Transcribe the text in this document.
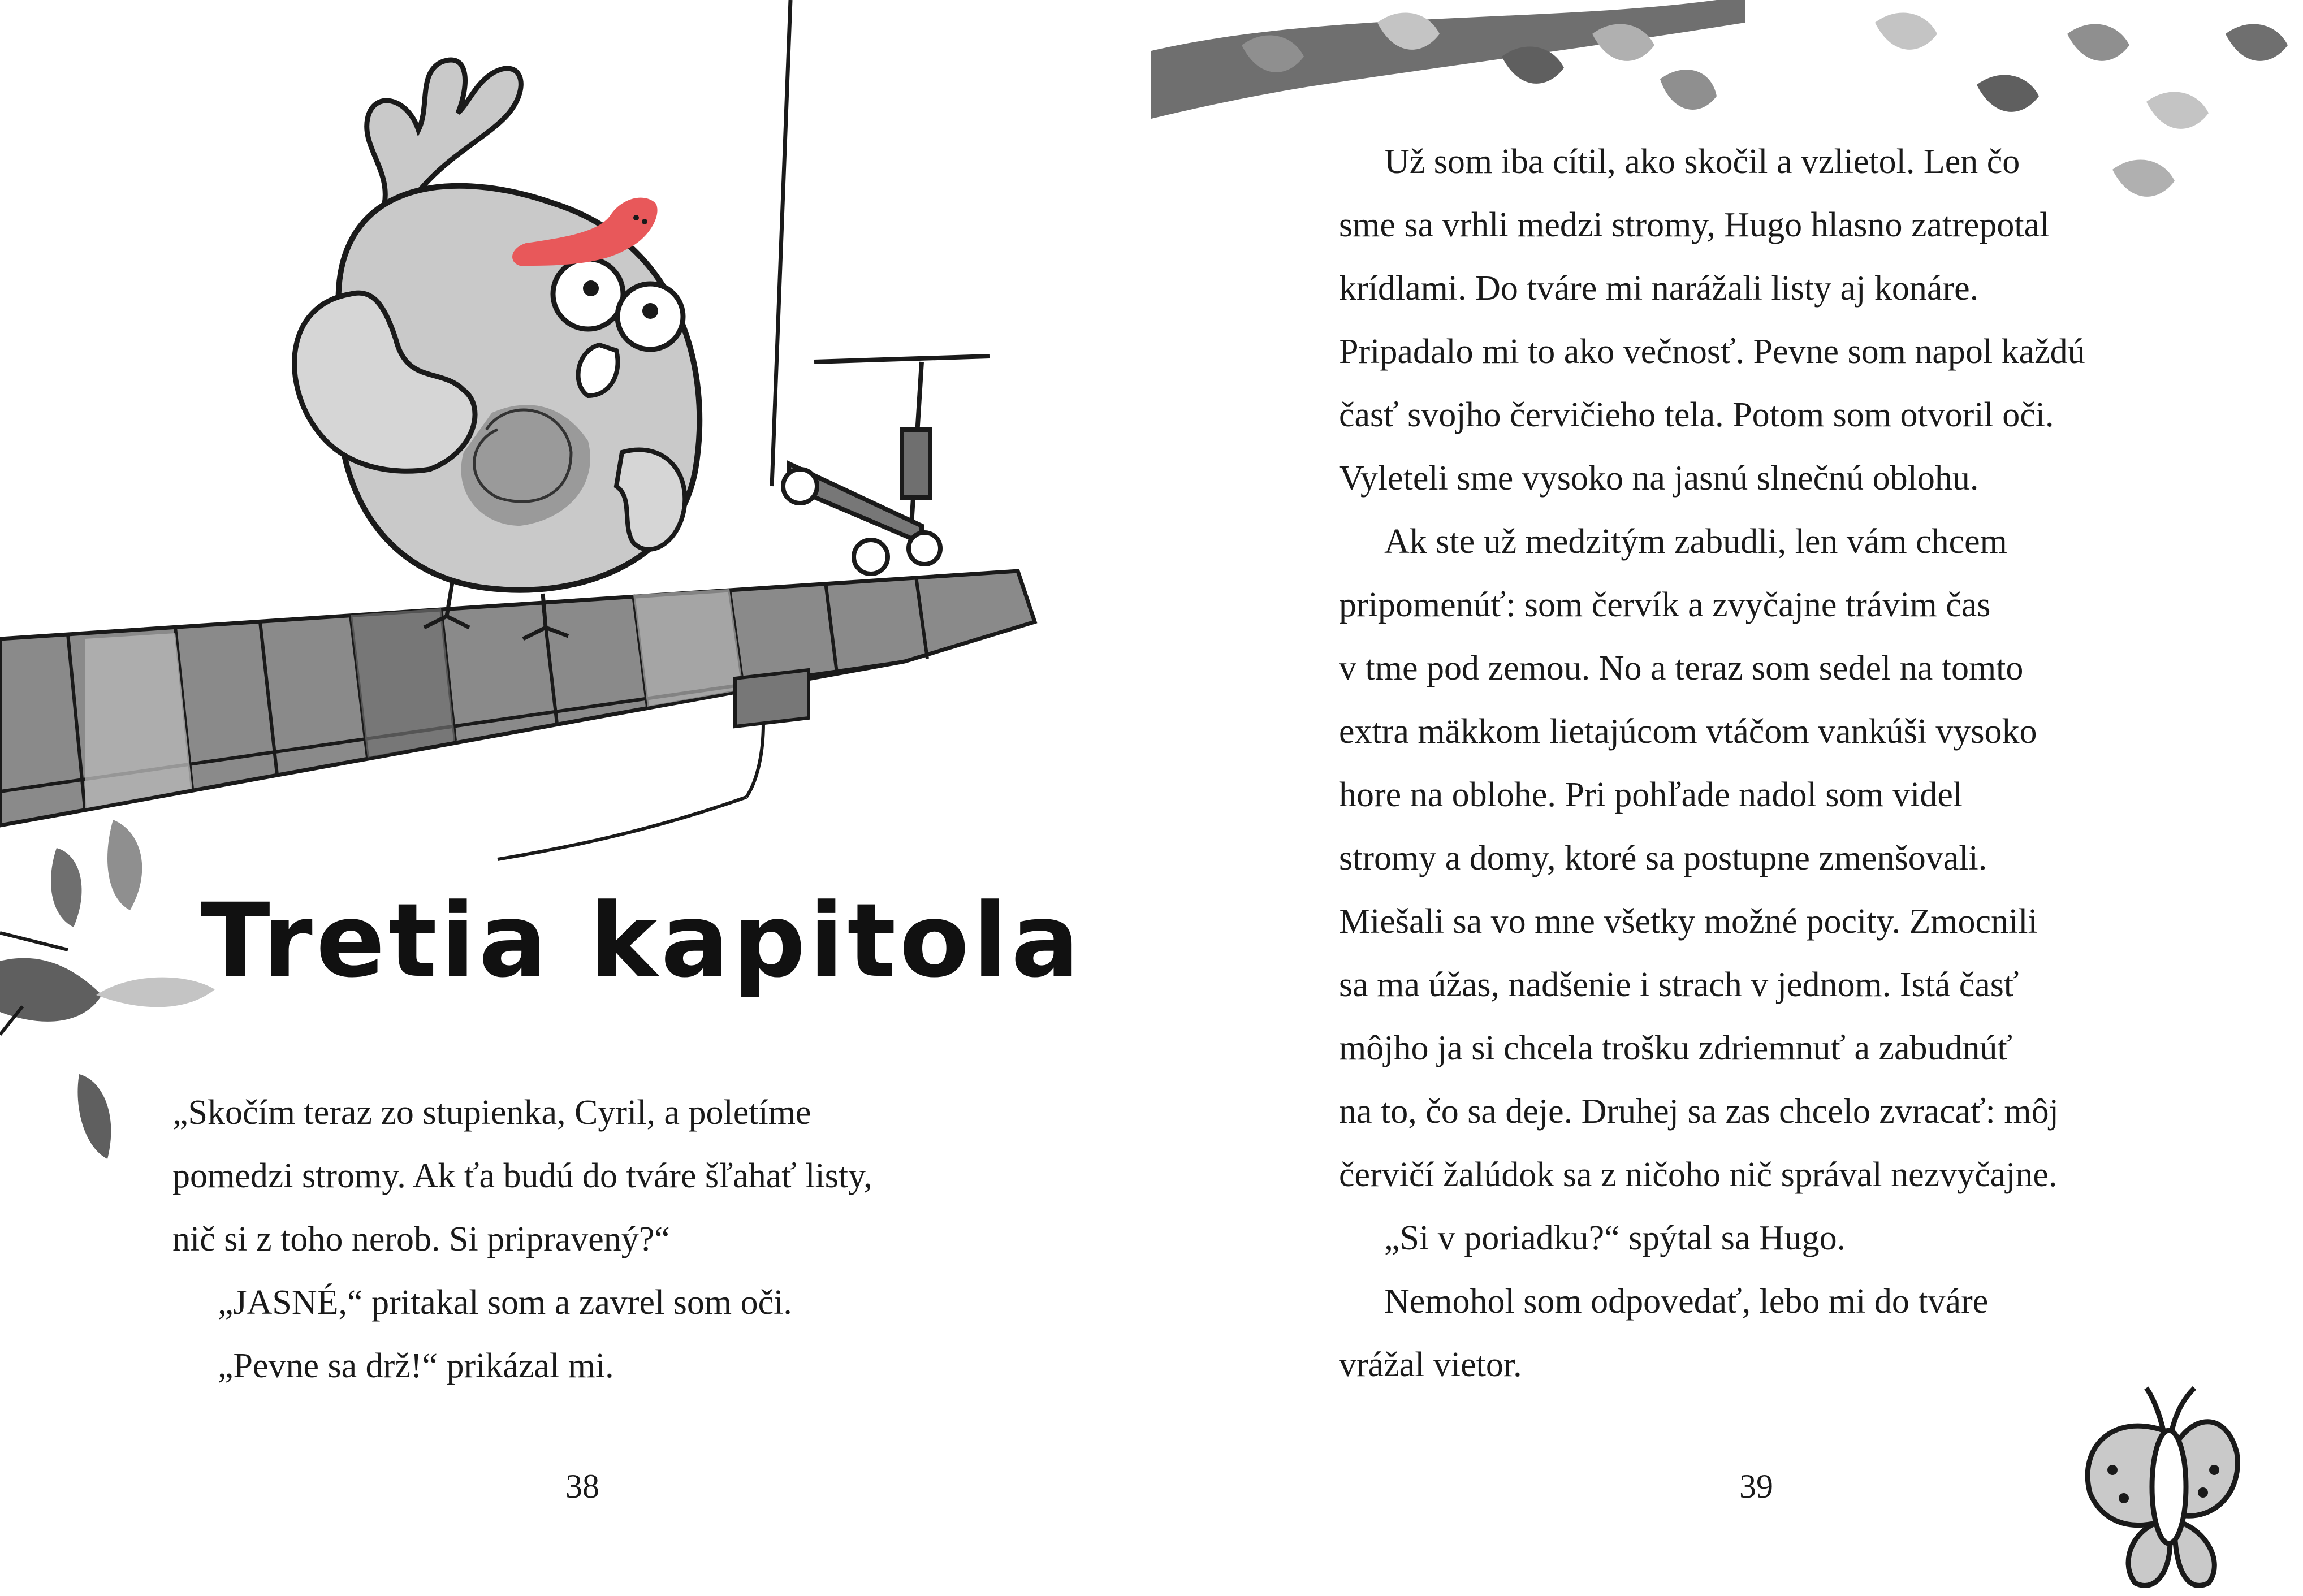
Tretia kapitola
„Skočím teraz zo stupienka, Cyril, a poletíme
pomedzi stromy. Ak ťa budú do tváre šľahať listy,
nič si z toho nerob. Si pripravený?“
„JASNÉ,“ pritakal som a zavrel som oči.
„Pevne sa drž!“ prikázal mi.
38
Už som iba cítil, ako skočil a vzlietol. Len čo
sme sa vrhli medzi stromy, Hugo hlasno zatrepotal
krídlami. Do tváre mi narážali listy aj konáre.
Pripadalo mi to ako večnosť. Pevne som napol každú
časť svojho červičieho tela. Potom som otvoril oči.
Vyleteli sme vysoko na jasnú slnečnú oblohu.
Ak ste už medzitým zabudli, len vám chcem
pripomenúť: som červík a zvyčajne trávim čas
v tme pod zemou. No a teraz som sedel na tomto
extra mäkkom lietajúcom vtáčom vankúši vysoko
hore na oblohe. Pri pohľade nadol som videl
stromy a domy, ktoré sa postupne zmenšovali.
Miešali sa vo mne všetky možné pocity. Zmocnili
sa ma úžas, nadšenie i strach v jednom. Istá časť
môjho ja si chcela trošku zdriemnuť a zabudnúť
na to, čo sa deje. Druhej sa zas chcelo zvracať: môj
červičí žalúdok sa z ničoho nič správal nezvyčajne.
„Si v poriadku?“ spýtal sa Hugo.
Nemohol som odpovedať, lebo mi do tváre
vrážal vietor.
39
